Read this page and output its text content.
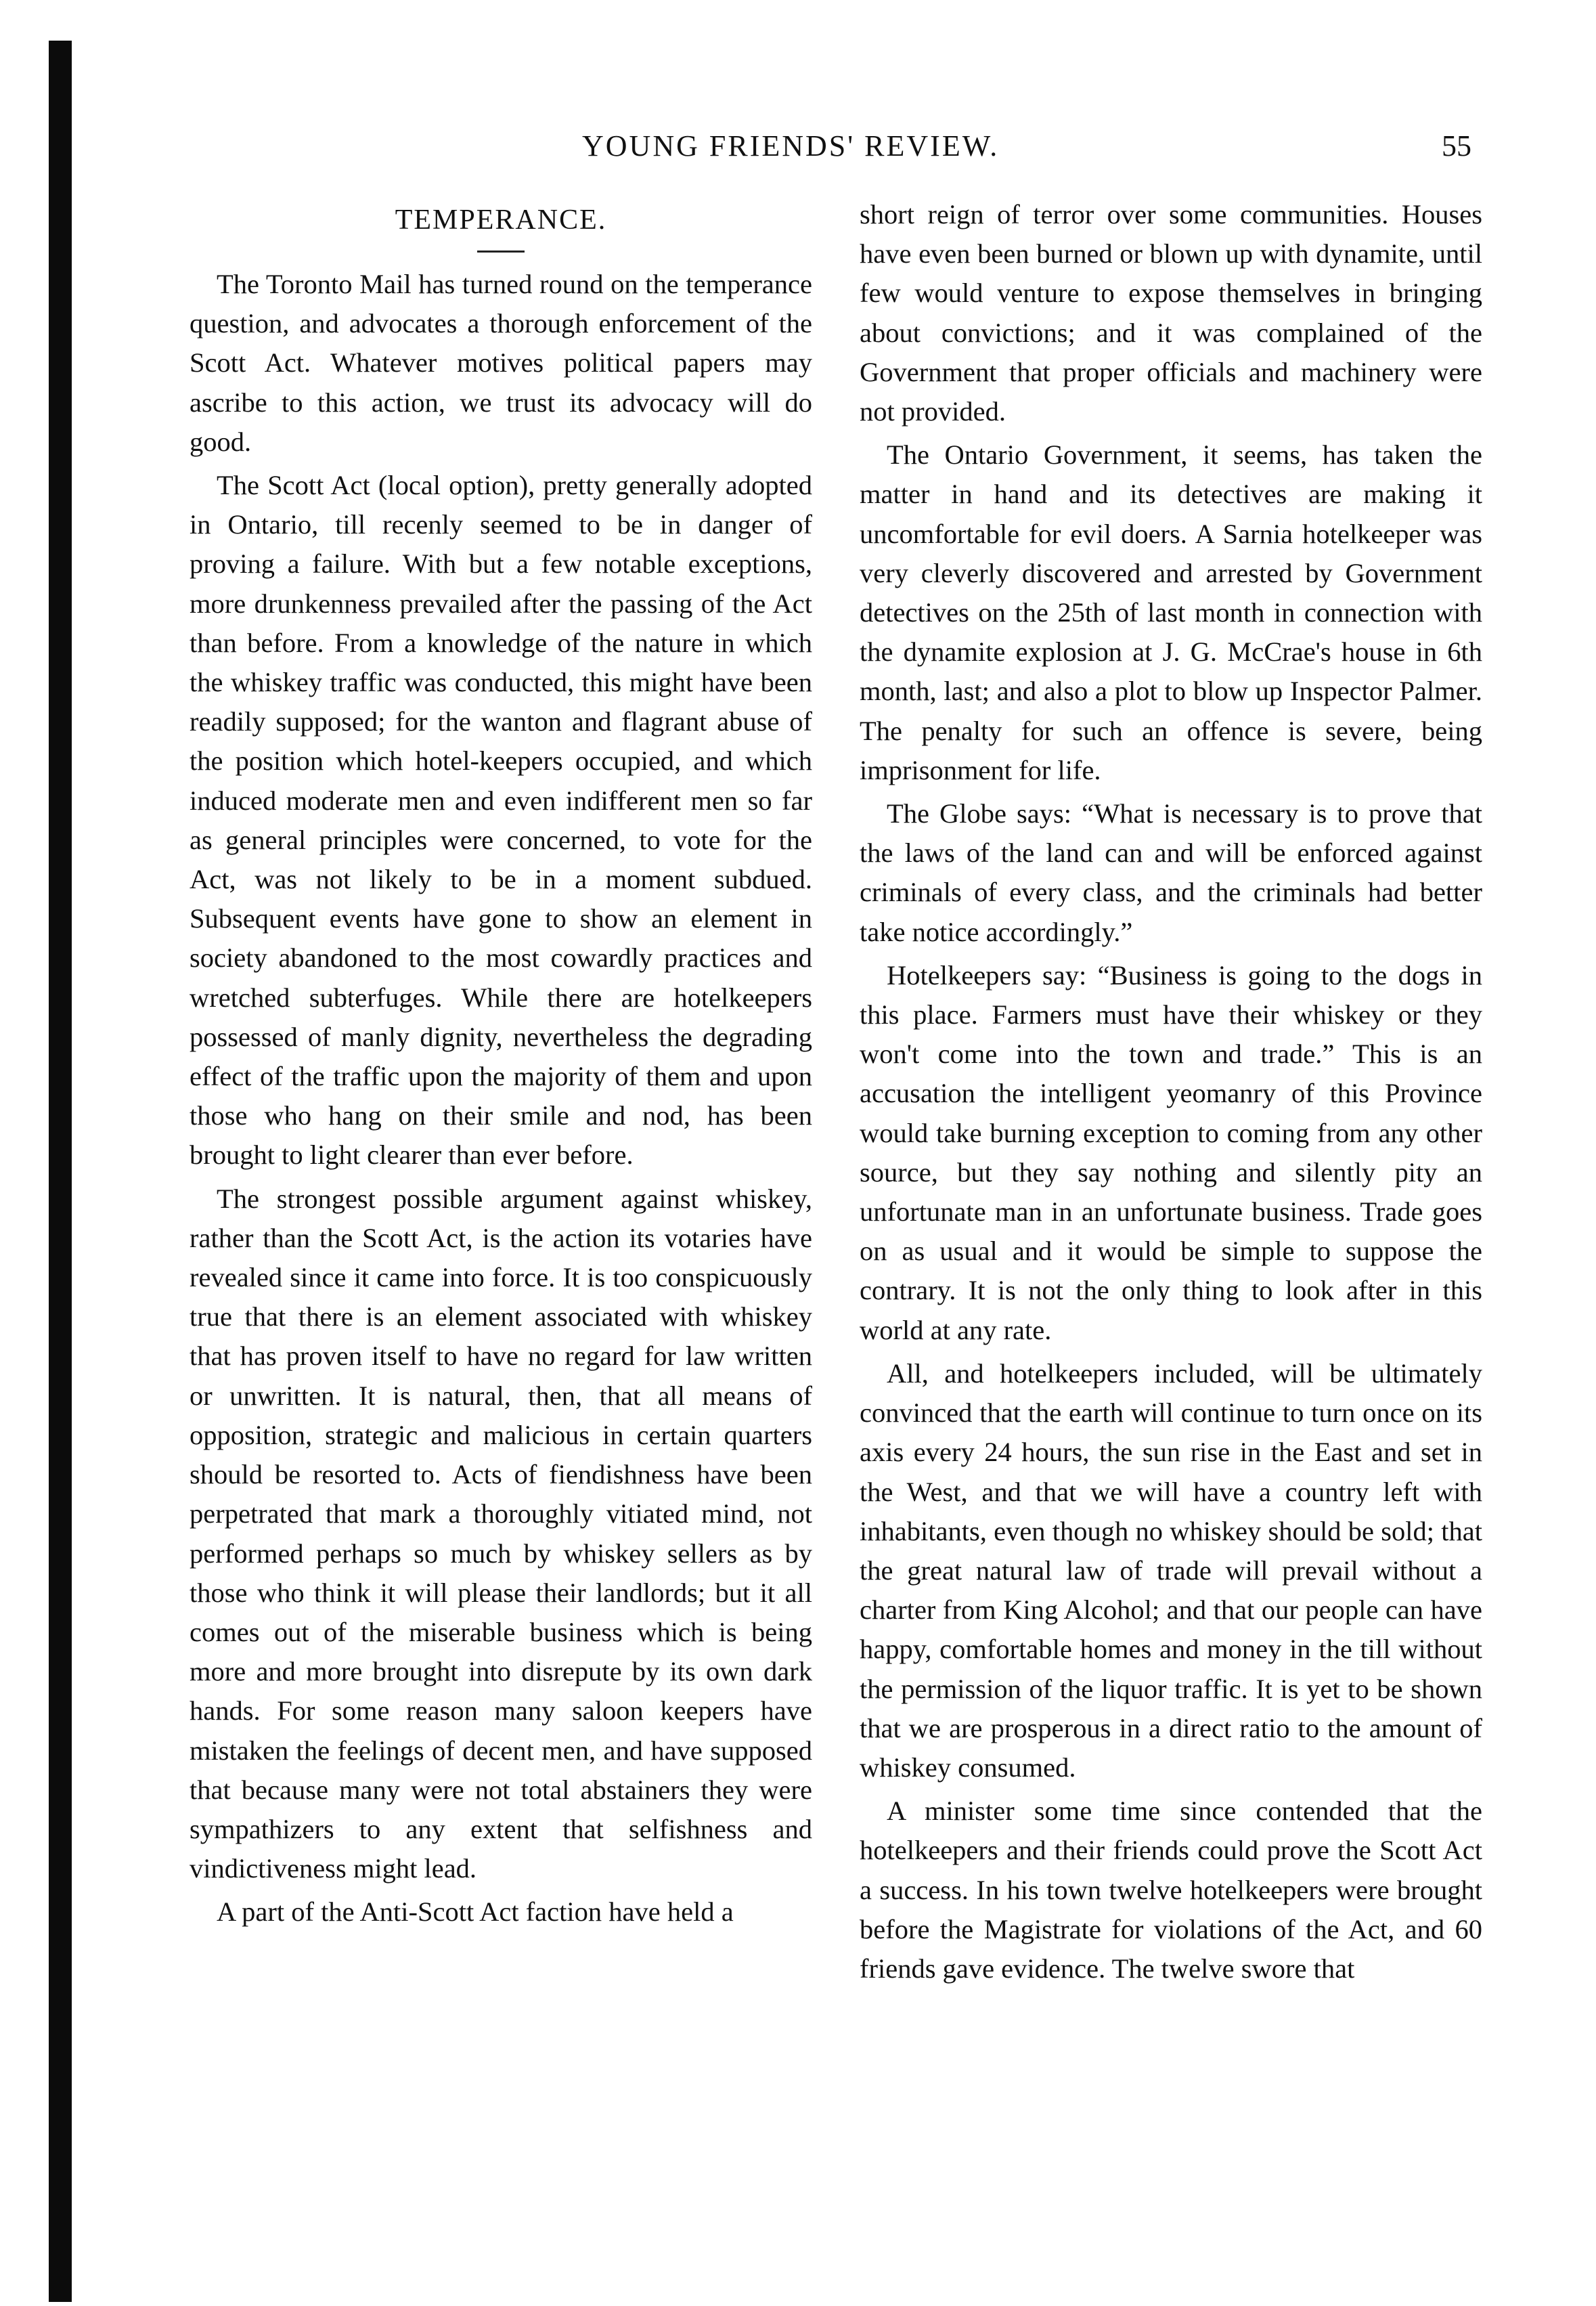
YOUNG FRIENDS' REVIEW.	55
TEMPERANCE.

The Toronto Mail has turned round on the temperance question, and advocates a thorough enforcement of the Scott Act. Whatever motives political papers may ascribe to this action, we trust its advocacy will do good.

The Scott Act (local option), pretty generally adopted in Ontario, till recenly seemed to be in danger of proving a failure. With but a few notable exceptions, more drunkenness prevailed after the passing of the Act than before. From a knowledge of the nature in which the whiskey traffic was conducted, this might have been readily supposed; for the wanton and flagrant abuse of the position which hotel-keepers occupied, and which induced moderate men and even indifferent men so far as general principles were concerned, to vote for the Act, was not likely to be in a moment subdued. Subsequent events have gone to show an element in society abandoned to the most cowardly practices and wretched subterfuges. While there are hotelkeepers possessed of manly dignity, nevertheless the degrading effect of the traffic upon the majority of them and upon those who hang on their smile and nod, has been brought to light clearer than ever before.

The strongest possible argument against whiskey, rather than the Scott Act, is the action its votaries have revealed since it came into force. It is too conspicuously true that there is an element associated with whiskey that has proven itself to have no regard for law written or unwritten. It is natural, then, that all means of opposition, strategic and malicious in certain quarters should be resorted to. Acts of fiendishness have been perpetrated that mark a thoroughly vitiated mind, not performed perhaps so much by whiskey sellers as by those who think it will please their landlords; but it all comes out of the miserable business which is being more and more brought into disrepute by its own dark hands. For some reason many saloon keepers have mistaken the feelings of decent men, and have supposed that because many were not total abstainers they were sympathizers to any extent that selfishness and vindictiveness might lead.

A part of the Anti-Scott Act faction have held a

short reign of terror over some communities. Houses have even been burned or blown up with dynamite, until few would venture to expose themselves in bringing about convictions; and it was complained of the Government that proper officials and machinery were not provided.

The Ontario Government, it seems, has taken the matter in hand and its detectives are making it uncomfortable for evil doers. A Sarnia hotelkeeper was very cleverly discovered and arrested by Government detectives on the 25th of last month in connection with the dynamite explosion at J. G. McCrae's house in 6th month, last; and also a plot to blow up Inspector Palmer. The penalty for such an offence is severe, being imprisonment for life.

The Globe says: “What is necessary is to prove that the laws of the land can and will be enforced against criminals of every class, and the criminals had better take notice accordingly.”

Hotelkeepers say: “Business is going to the dogs in this place. Farmers must have their whiskey or they won't come into the town and trade.” This is an accusation the intelligent yeomanry of this Province would take burning exception to coming from any other source, but they say nothing and silently pity an unfortunate man in an unfortunate business. Trade goes on as usual and it would be simple to suppose the contrary. It is not the only thing to look after in this world at any rate.

All, and hotelkeepers included, will be ultimately convinced that the earth will continue to turn once on its axis every 24 hours, the sun rise in the East and set in the West, and that we will have a country left with inhabitants, even though no whiskey should be sold; that the great natural law of trade will prevail without a charter from King Alcohol; and that our people can have happy, comfortable homes and money in the till without the permission of the liquor traffic. It is yet to be shown that we are prosperous in a direct ratio to the amount of whiskey consumed.

A minister some time since contended that the hotelkeepers and their friends could prove the Scott Act a success. In his town twelve hotelkeepers were brought before the Magistrate for violations of the Act, and 60 friends gave evidence. The twelve swore that
